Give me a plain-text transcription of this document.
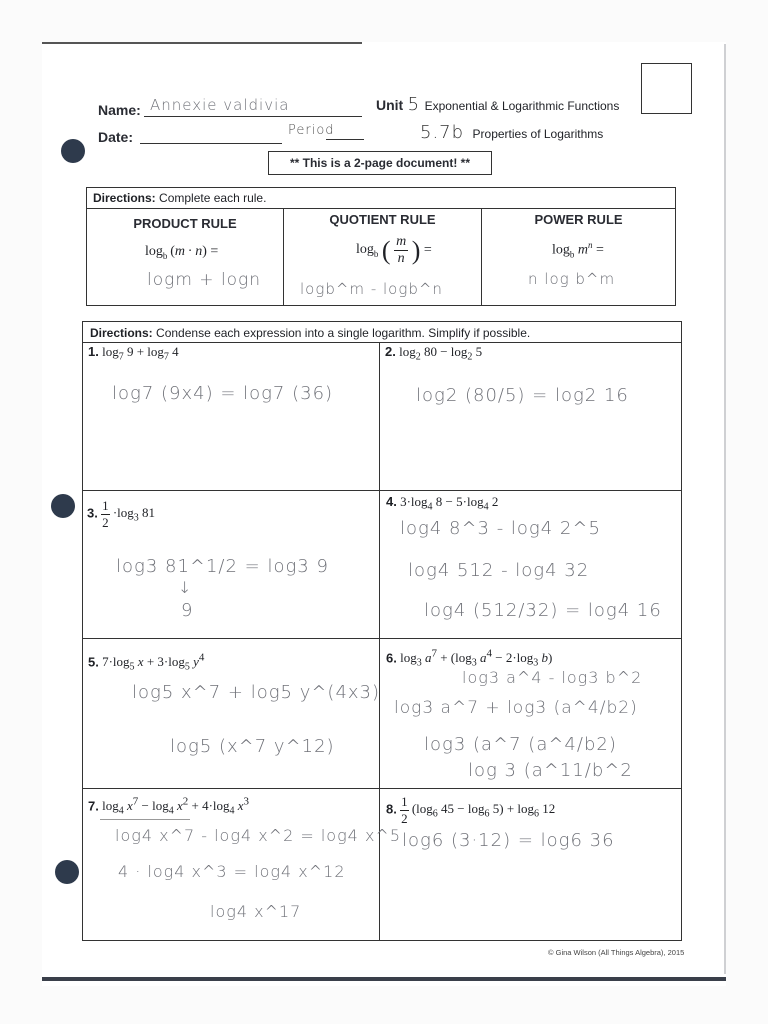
Name: Annexie valdivia
Date:	Period
Unit 5 Exponential & Logarithmic Functions
5.7b Properties of Logarithms
** This is a 2-page document! **
Directions: Complete each rule.
PRODUCT RULE
$\log_b (m \cdot n)$ =
logm + logn
QUOTIENT RULE
$\log_b$ ( $\frac{m}{n}$ ) =
logb^m - logb^n
POWER RULE
$\log_b m^n$ =
n log b^m
Directions: Condense each expression into a single logarithm. Simplify if possible.
1. $\log_7 9 + \log_7 4$
log7 (9x4) = log7 (36)
2. $\log_2 80 - \log_2 5$
log2 (80/5) = log2 16
3. $\frac{1}{2} \cdot\log_3$ 81
log3 81^1/2 = log3 9
↓
9
4. $3\cdot\log_4$ $8 - 5\cdot\log_4$ 2
log4 8^3 - log4 2^5
log4 512 - log4 32
log4 (512/32) = log4 16
5. $7\cdot\log_5$ $x + 3\cdot\log_5$ $y^4$
log5 x^7 + log5 y^(4x3)
log5 (x^7 y^12)
6. $\log_3 a^7 + (\log_3$ $a^4 - 2\cdot\log_3$ b)
log3 a^4 - log3 b^2
log3 a^7 + log3 (a^4/b2)
log3 (a^7 (a^4/b2)
log 3 (a^11/b^2
7. $\log_4 x^7 - \log_4 x^2 + 4\cdot\log_4$ $x^3$
log4 x^7 - log4 x^2 = log4 x^5
4 · log4 x^3 = log4 x^12
log4 x^17
8. $\frac{1}{2} (\log_6$ $45 - \log_6 5) + \log_6 12$
log6 (3·12) = log6 36
© Gina Wilson (All Things Algebra), 2015
